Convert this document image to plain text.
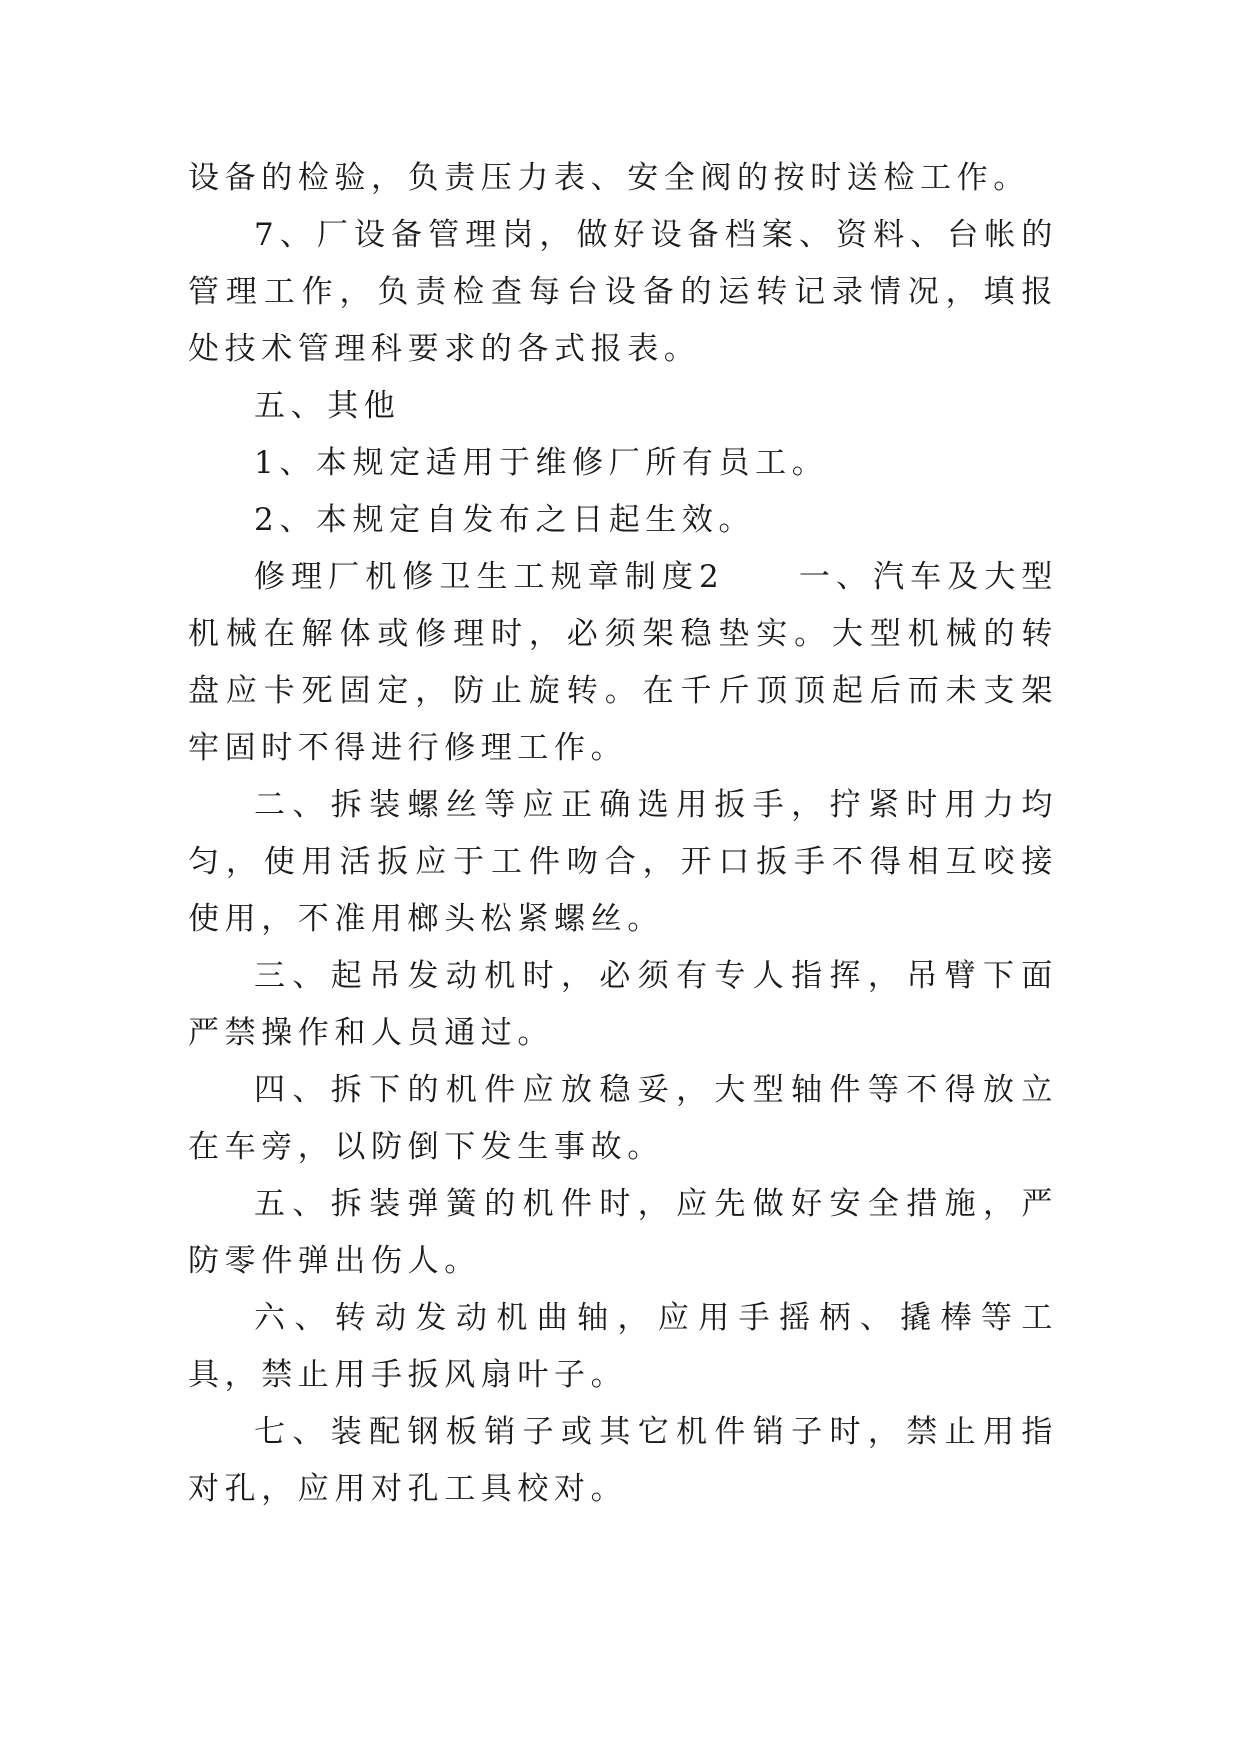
设备的检验，负责压力表、安全阀的按时送检工作。

7、厂设备管理岗，做好设备档案、资料、台帐的管理工作，负责检查每台设备的运转记录情况，填报处技术管理科要求的各式报表。

五、其他

1、本规定适用于维修厂所有员工。

2、本规定自发布之日起生效。

修理厂机修卫生工规章制度2　　一、汽车及大型机械在解体或修理时，必须架稳垫实。大型机械的转盘应卡死固定，防止旋转。在千斤顶顶起后而未支架牢固时不得进行修理工作。

二、拆装螺丝等应正确选用扳手，拧紧时用力均匀，使用活扳应于工件吻合，开口扳手不得相互咬接使用，不准用榔头松紧螺丝。

三、起吊发动机时，必须有专人指挥，吊臂下面严禁操作和人员通过。

四、拆下的机件应放稳妥，大型轴件等不得放立在车旁，以防倒下发生事故。

五、拆装弹簧的机件时，应先做好安全措施，严防零件弹出伤人。

六、转动发动机曲轴，应用手摇柄、撬棒等工具，禁止用手扳风扇叶子。

七、装配钢板销子或其它机件销子时，禁止用指对孔，应用对孔工具校对。
